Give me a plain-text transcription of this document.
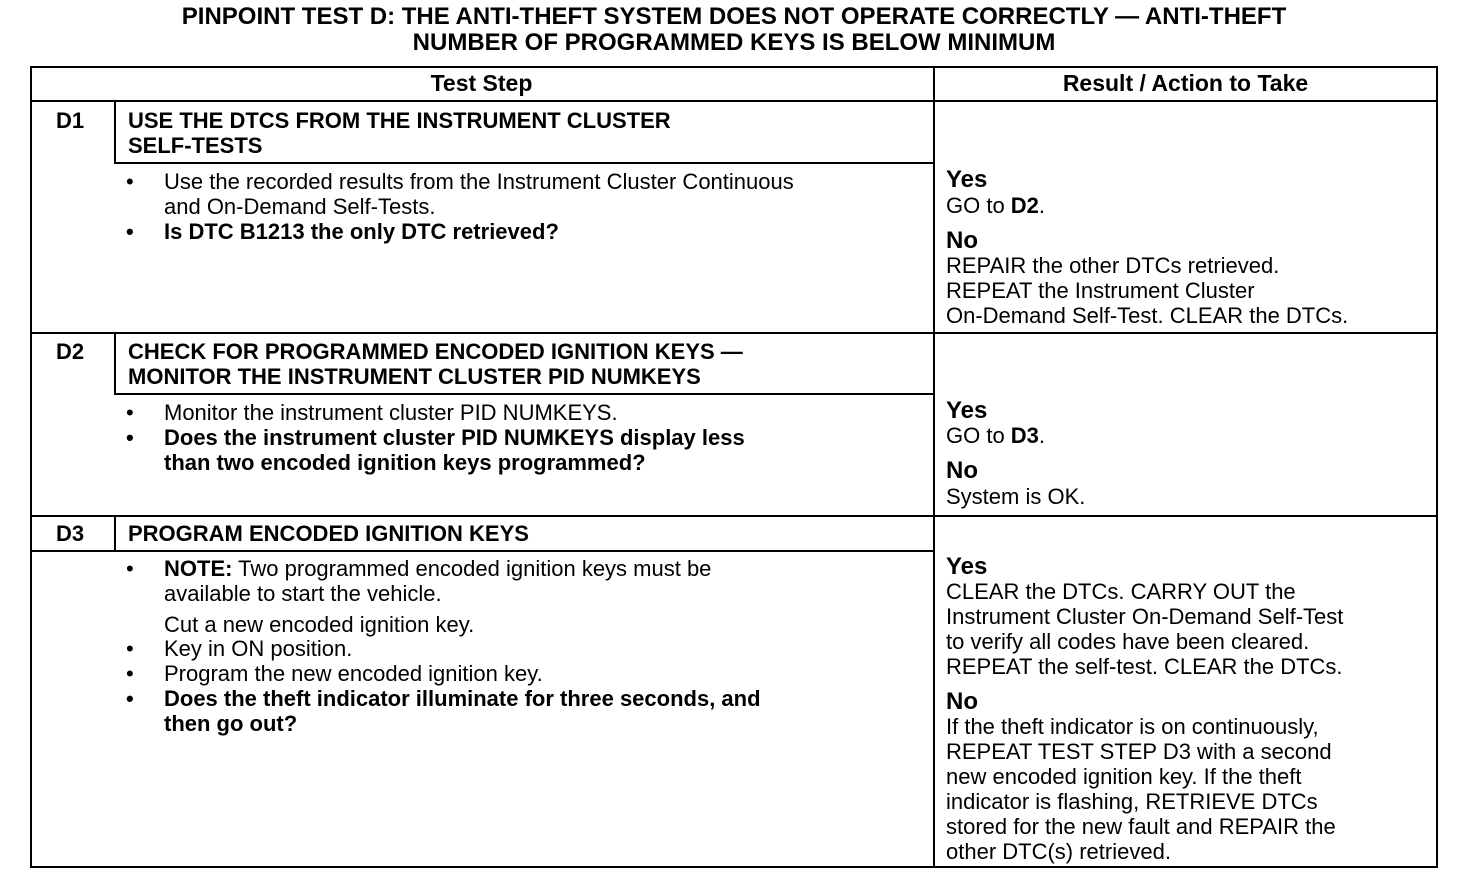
PINPOINT TEST D: THE ANTI-THEFT SYSTEM DOES NOT OPERATE CORRECTLY — ANTI-THEFT
NUMBER OF PROGRAMMED KEYS IS BELOW MINIMUM
Test Step	Result / Action to Take
D1 USE THE DTCS FROM THE INSTRUMENT CLUSTER
SELF-TESTS
• Use the recorded results from the Instrument Cluster Continuous
and On-Demand Self-Tests.
• Is DTC B1213 the only DTC retrieved?
Yes
GO to D2.
No
REPAIR the other DTCs retrieved.
REPEAT the Instrument Cluster
On-Demand Self-Test. CLEAR the DTCs.
D2 CHECK FOR PROGRAMMED ENCODED IGNITION KEYS —
MONITOR THE INSTRUMENT CLUSTER PID NUMKEYS
• Monitor the instrument cluster PID NUMKEYS.
• Does the instrument cluster PID NUMKEYS display less
than two encoded ignition keys programmed?
Yes
GO to D3.
No
System is OK.
D3 PROGRAM ENCODED IGNITION KEYS
• NOTE: Two programmed encoded ignition keys must be
available to start the vehicle.
Cut a new encoded ignition key.
• Key in ON position.
• Program the new encoded ignition key.
• Does the theft indicator illuminate for three seconds, and
then go out?
Yes
CLEAR the DTCs. CARRY OUT the
Instrument Cluster On-Demand Self-Test
to verify all codes have been cleared.
REPEAT the self-test. CLEAR the DTCs.
No
If the theft indicator is on continuously,
REPEAT TEST STEP D3 with a second
new encoded ignition key. If the theft
indicator is flashing, RETRIEVE DTCs
stored for the new fault and REPAIR the
other DTC(s) retrieved.
